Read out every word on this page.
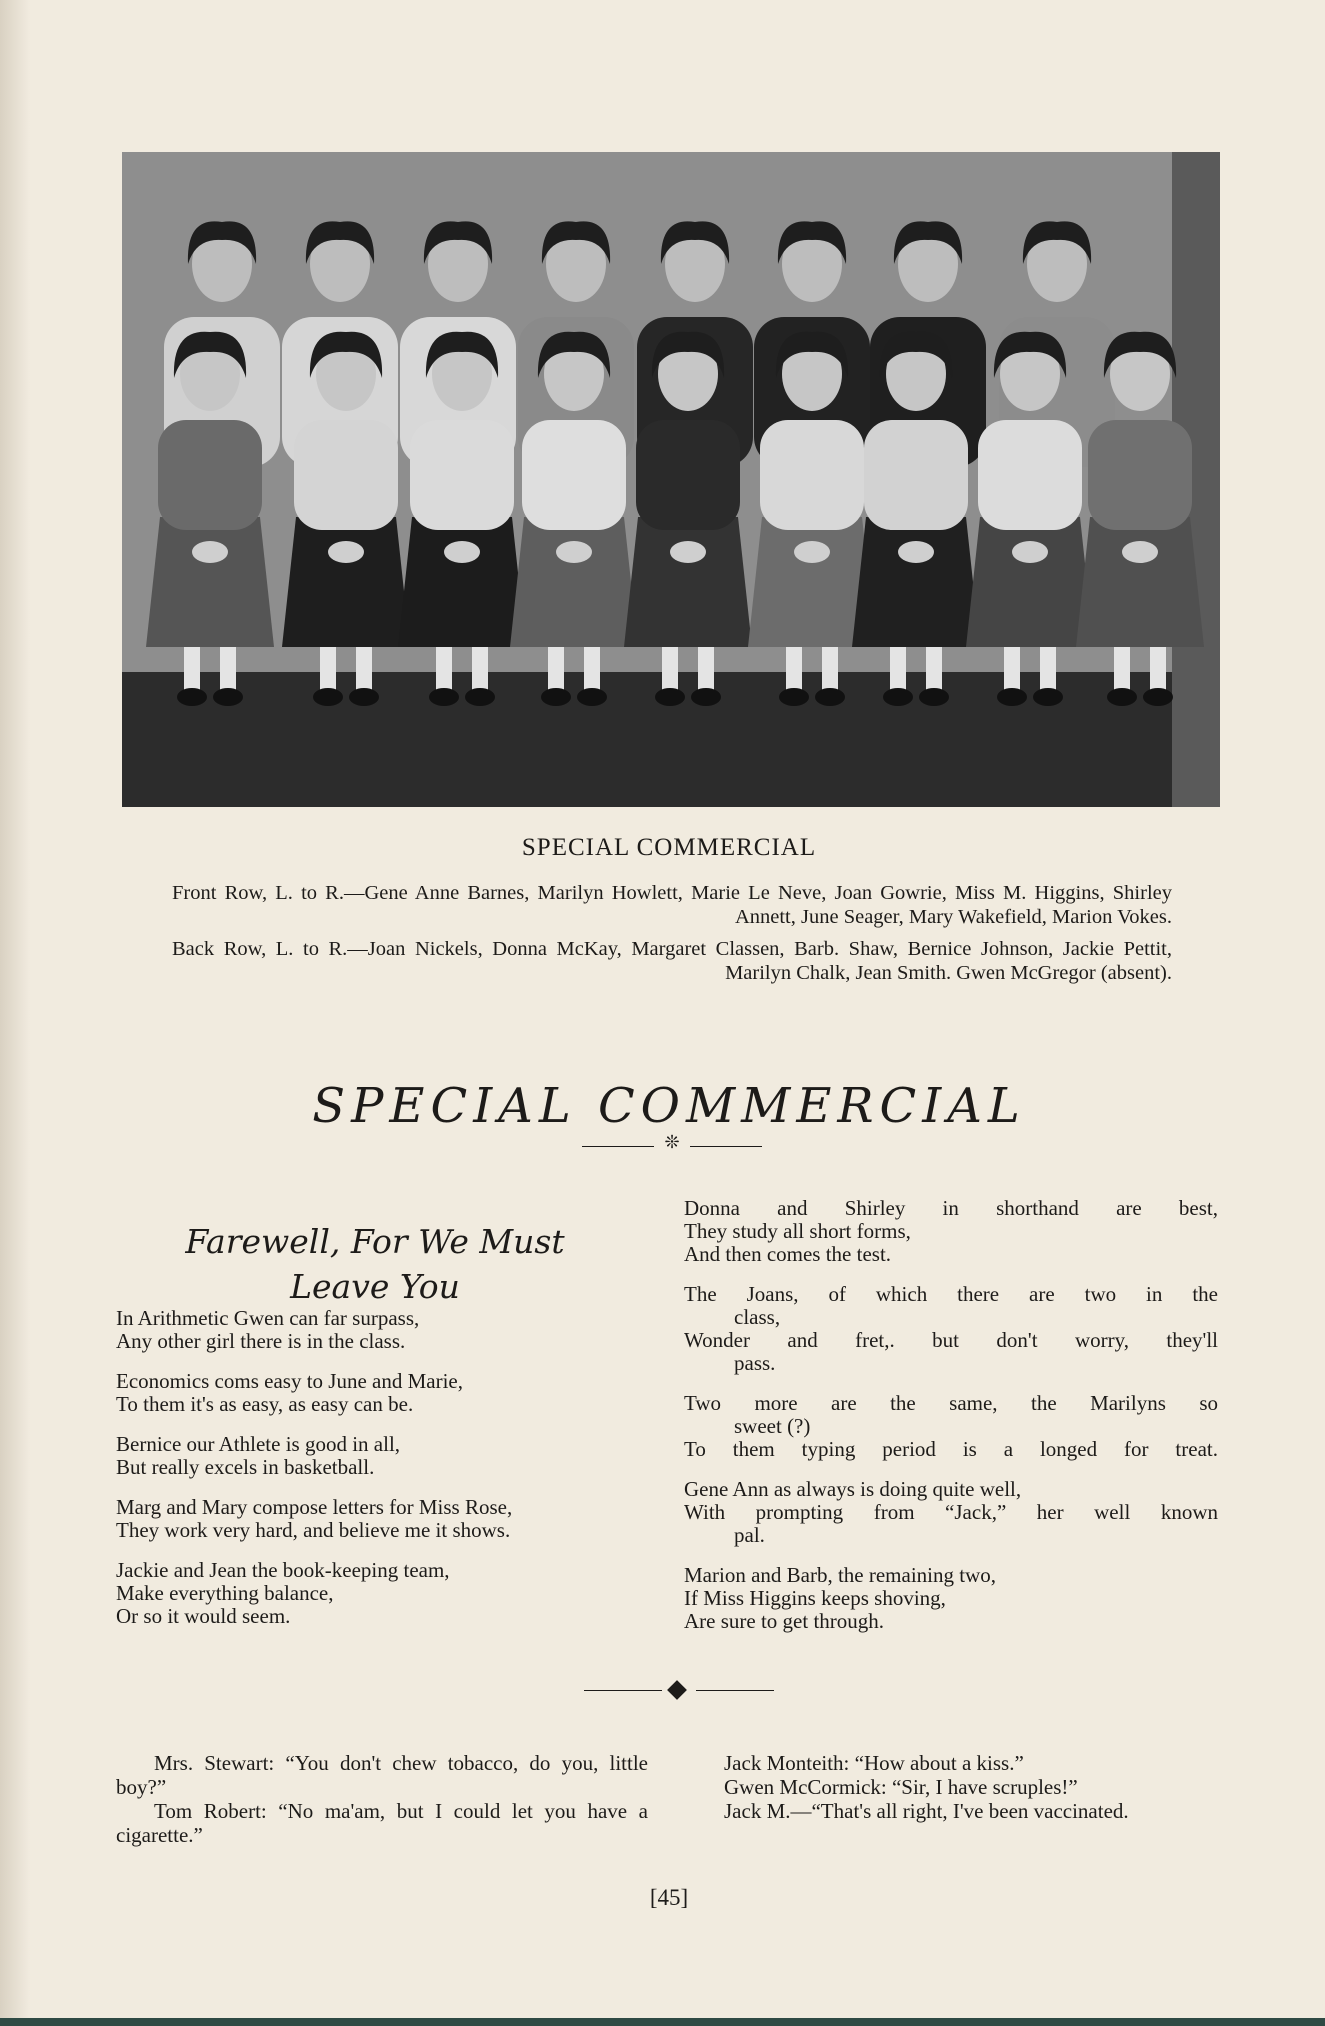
SPECIAL COMMERCIAL
Front Row, L. to R.—Gene Anne Barnes, Marilyn Howlett, Marie Le Neve, Joan Gowrie, Miss M. Higgins, Shirley Annett, June Seager, Mary Wakefield, Marion Vokes.
Back Row, L. to R.—Joan Nickels, Donna McKay, Margaret Classen, Barb. Shaw, Bernice Johnson, Jackie Pettit, Marilyn Chalk, Jean Smith. Gwen McGregor (absent).
SPECIAL COMMERCIAL
❊
Farewell, For We Must
Leave You
In Arithmetic Gwen can far surpass,
Any other girl there is in the class.
Economics coms easy to June and Marie,
To them it's as easy, as easy can be.
Bernice our Athlete is good in all,
But really excels in basketball.
Marg and Mary compose letters for Miss Rose,
They work very hard, and believe me it shows.
Jackie and Jean the book-keeping team,
Make everything balance,
Or so it would seem.
Donna and Shirley in shorthand are best,
They study all short forms,
And then comes the test.
The Joans, of which there are two in the
class,
Wonder and fret,. but don't worry, they'll
pass.
Two more are the same, the Marilyns so
sweet (?)
To them typing period is a longed for treat.
Gene Ann as always is doing quite well,
With prompting from “Jack,” her well known
pal.
Marion and Barb, the remaining two,
If Miss Higgins keeps shoving,
Are sure to get through.

Mrs. Stewart: “You don't chew tobacco, do you, little boy?”

Tom Robert: “No ma'am, but I could let you have a cigarette.”

Jack Monteith: “How about a kiss.”

Gwen McCormick: “Sir, I have scruples!”

Jack M.—“That's all right, I've been vaccinated.

[45]
